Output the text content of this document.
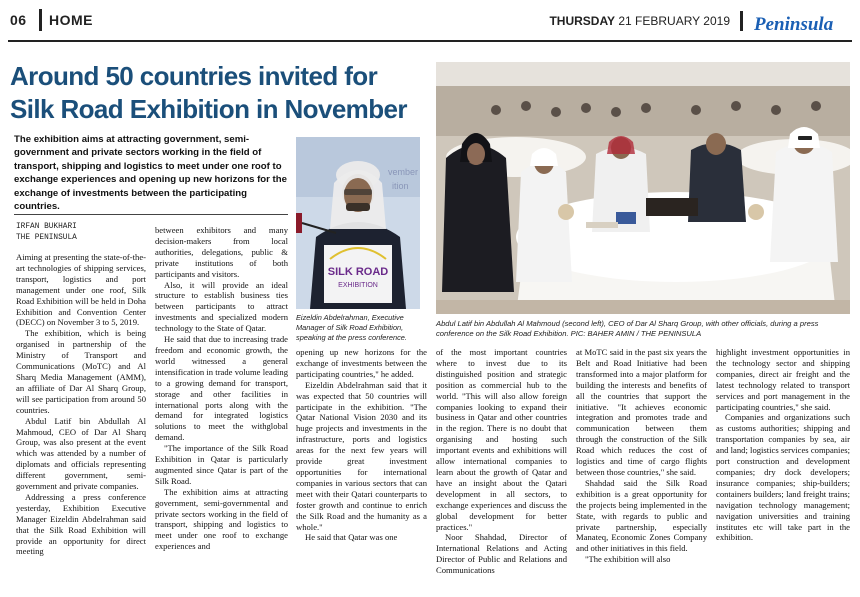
06 HOME	THURSDAY 21 FEBRUARY 2019 Peninsula
Around 50 countries invited for
Silk Road Exhibition in November
The exhibition aims at attracting government, semi-government and private sectors working in the field of transport, shipping and logistics to meet under one roof to exchange experiences and opening up new horizons for the exchange of investments between the participating countries.
IRFAN BUKHARI
THE PENINSULA

Aiming at presenting the state-of-the-art technologies of shipping services, transport, logistics and port management under one roof, Silk Road Exhibition will be held in Doha Exhibition and Convention Center (DECC) on November 3 to 5, 2019.

The exhibition, which is being organised in partnership of the Ministry of Transport and Communications (MoTC) and Al Sharq Media Management (AMM), an affiliate of Dar Al Sharq Group, will see participation from around 50 countries.

Abdul Latif bin Abdullah Al Mahmoud, CEO of Dar Al Sharq Group, was also present at the event which was attended by a number of diplomats and officials representing different government, semi-government and private companies.

Addressing a press conference yesterday, Exhibition Executive Manager Eizeldin Abdelrahman said that the Silk Road Exhibition will provide an opportunity for direct meeting

between exhibitors and many decision-makers from local authorities, delegations, public & private institutions of both participants and visitors.

Also, it will provide an ideal structure to establish business ties between participants to attract investments and specialized modern technology to the State of Qatar.

He said that due to increasing trade freedom and economic growth, the world witnessed a general intensification in trade volume leading to a growing demand for transport, storage and other facilities in international ports along with the demand for integrated logistics solutions to meet the withglobal demand.

"The importance of the Silk Road Exhibition in Qatar is particularly augmented since Qatar is part of the Silk Road.

The exhibition aims at attracting government, semi-governmental and private sectors working in the field of transport, shipping and logistics to meet under one roof to exchange experiences and

vember
ition
SILK ROAD
EXHIBITION
Eizeldin Abdelrahman, Executive Manager of Silk Road Exhibition, speaking at the press conference.
Abdul Latif bin Abdullah Al Mahmoud (second left), CEO of Dar Al Sharq Group, with other officials, during a press conference on the Silk Road Exhibition. PIC: BAHER AMIN / THE PENINSULA

opening up new horizons for the exchange of investments between the participating countries," he added.

Eizeldin Abdelrahman said that it was expected that 50 countries will participate in the exhibition. "The Qatar National Vision 2030 and its huge projects and investments in the infrastructure, ports and logistics areas for the next few years will provide great investment opportunities for international companies in various sectors that can meet with their Qatari counterparts to foster growth and continue to enrich the Silk Road and the humanity as a whole."

He said that Qatar was one

of the most important countries where to invest due to its distinguished position and strategic position as commercial hub to the world. "This will also allow foreign companies looking to expand their business in Qatar and other countries in the region. There is no doubt that organising and hosting such important events and exhibitions will allow international companies to learn about the growth of Qatar and have an insight about the Qatari development in all sectors, to exchange experiences and discuss the global development for better practices."

Noor Shahdad, Director of International Relations and Acting Director of Public and Relations and Communications

at MoTC said in the past six years the Belt and Road Initiative had been transformed into a major platform for building the interests and benefits of all the countries that support the initiative. "It achieves economic integration and promotes trade and communication between them through the construction of the Silk Road which reduces the cost of logistics and time of cargo flights between those countries," she said.

Shahdad said the Silk Road exhibition is a great opportunity for the projects being implemented in the State, with regards to public and private partnership, especially Manateq, Economic Zones Company and other initiatives in this field.

"The exhibition will also

highlight investment opportunities in the technology sector and shipping companies, direct air freight and the latest technology related to transport services and port management in the participating countries," she said.

Companies and organizations such as customs authorities; shipping and transportation companies by sea, air and land; logistics services companies; port construction and development companies; dry dock developers; insurance companies; ship-builders; containers builders; land freight trains; navigation technology management; navigation universities and training institutes etc will take part in the exhibition.
